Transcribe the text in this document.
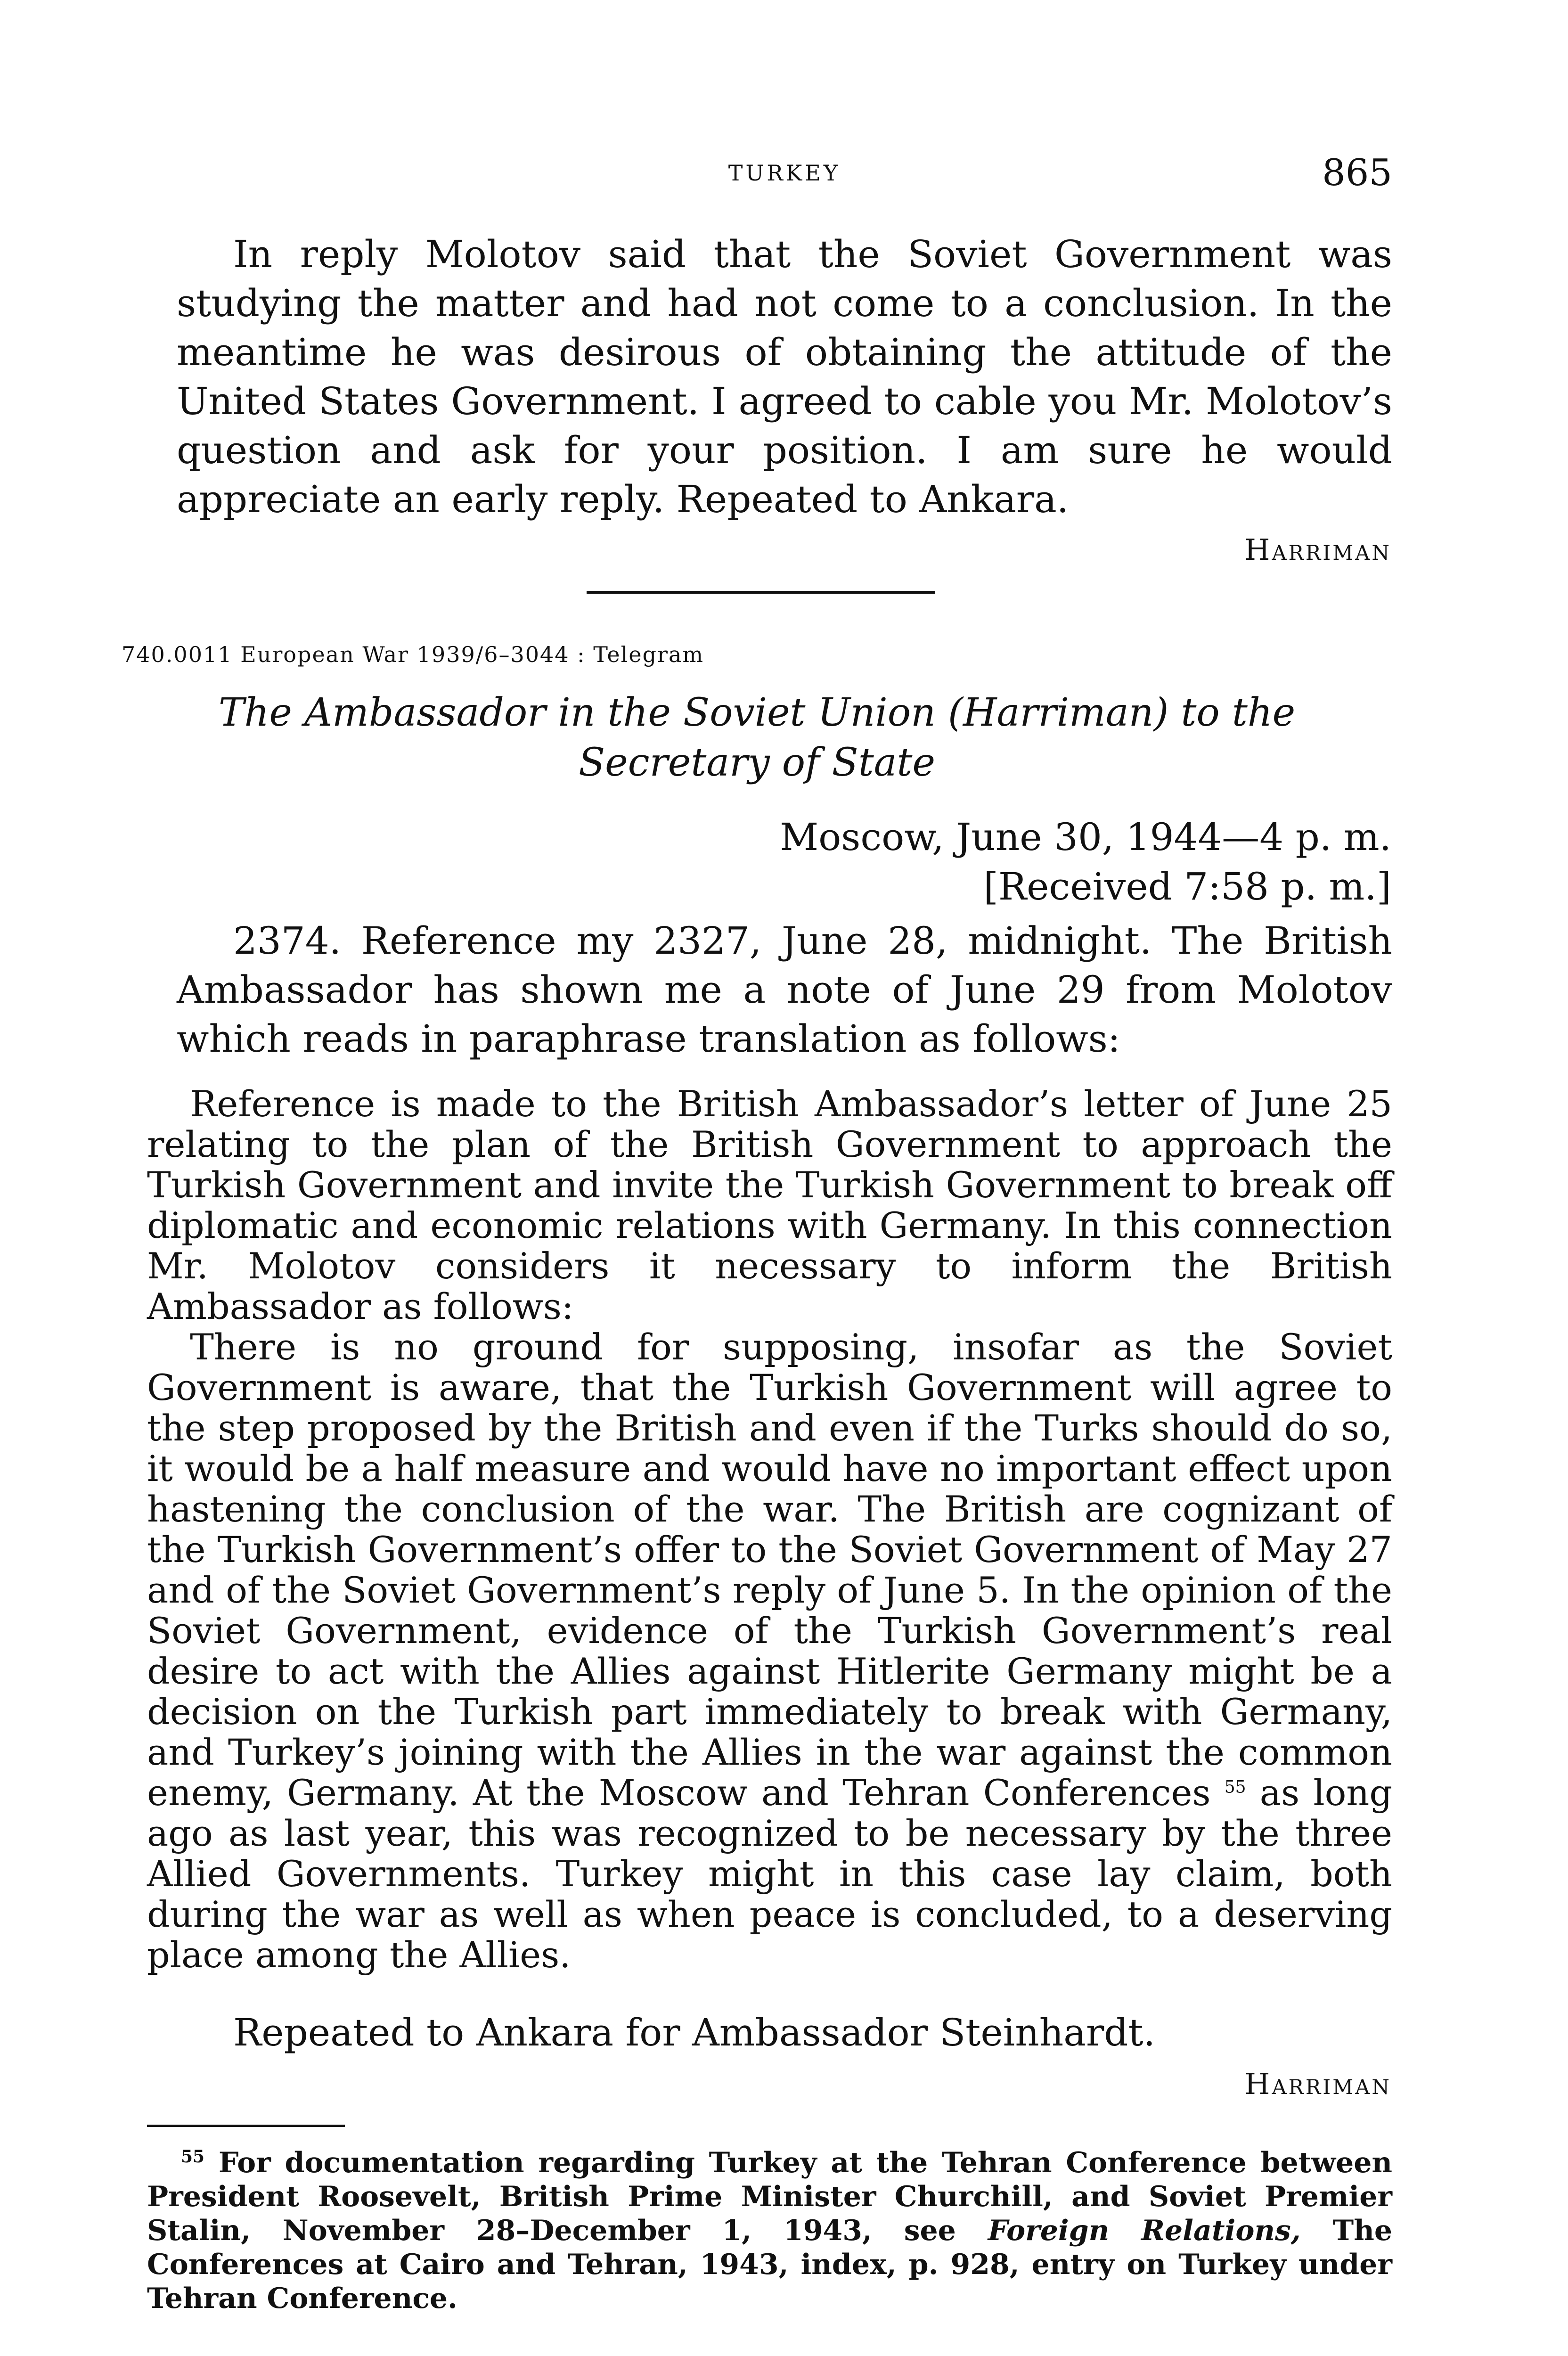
TURKEY	865

In reply Molotov said that the Soviet Government was studying the matter and had not come to a conclusion. In the meantime he was desirous of obtaining the attitude of the United States Government. I agreed to cable you Mr. Molotov’s question and ask for your position. I am sure he would appreciate an early reply. Repeated to Ankara.

Harriman
740.0011 European War 1939/6–3044 : Telegram

The Ambassador in the Soviet Union (Harriman) to the Secretary of State

Moscow, June 30, 1944—4 p. m.
[Received 7:58 p. m.]

2374. Reference my 2327, June 28, midnight. The British Ambassador has shown me a note of June 29 from Molotov which reads in paraphrase translation as follows:

Reference is made to the British Ambassador’s letter of June 25 relating to the plan of the British Government to approach the Turkish Government and invite the Turkish Government to break off diplomatic and economic relations with Germany. In this connection Mr. Molotov considers it necessary to inform the British Ambassador as follows:

There is no ground for supposing, insofar as the Soviet Government is aware, that the Turkish Government will agree to the step proposed by the British and even if the Turks should do so, it would be a half measure and would have no important effect upon hastening the conclusion of the war. The British are cognizant of the Turkish Government’s offer to the Soviet Government of May 27 and of the Soviet Government’s reply of June 5. In the opinion of the Soviet Government, evidence of the Turkish Government’s real desire to act with the Allies against Hitlerite Germany might be a decision on the Turkish part immediately to break with Germany, and Turkey’s joining with the Allies in the war against the common enemy, Germany. At the Moscow and Tehran Conferences $^{55}$ as long ago as last year, this was recognized to be necessary by the three Allied Governments. Turkey might in this case lay claim, both during the war as well as when peace is concluded, to a deserving place among the Allies.

Repeated to Ankara for Ambassador Steinhardt.

Harriman

$^{55}$ For documentation regarding Turkey at the Tehran Conference between President Roosevelt, British Prime Minister Churchill, and Soviet Premier Stalin, November 28–December 1, 1943, see Foreign Relations, The Conferences at Cairo and Tehran, 1943, index, p. 928, entry on Turkey under Tehran Conference.
